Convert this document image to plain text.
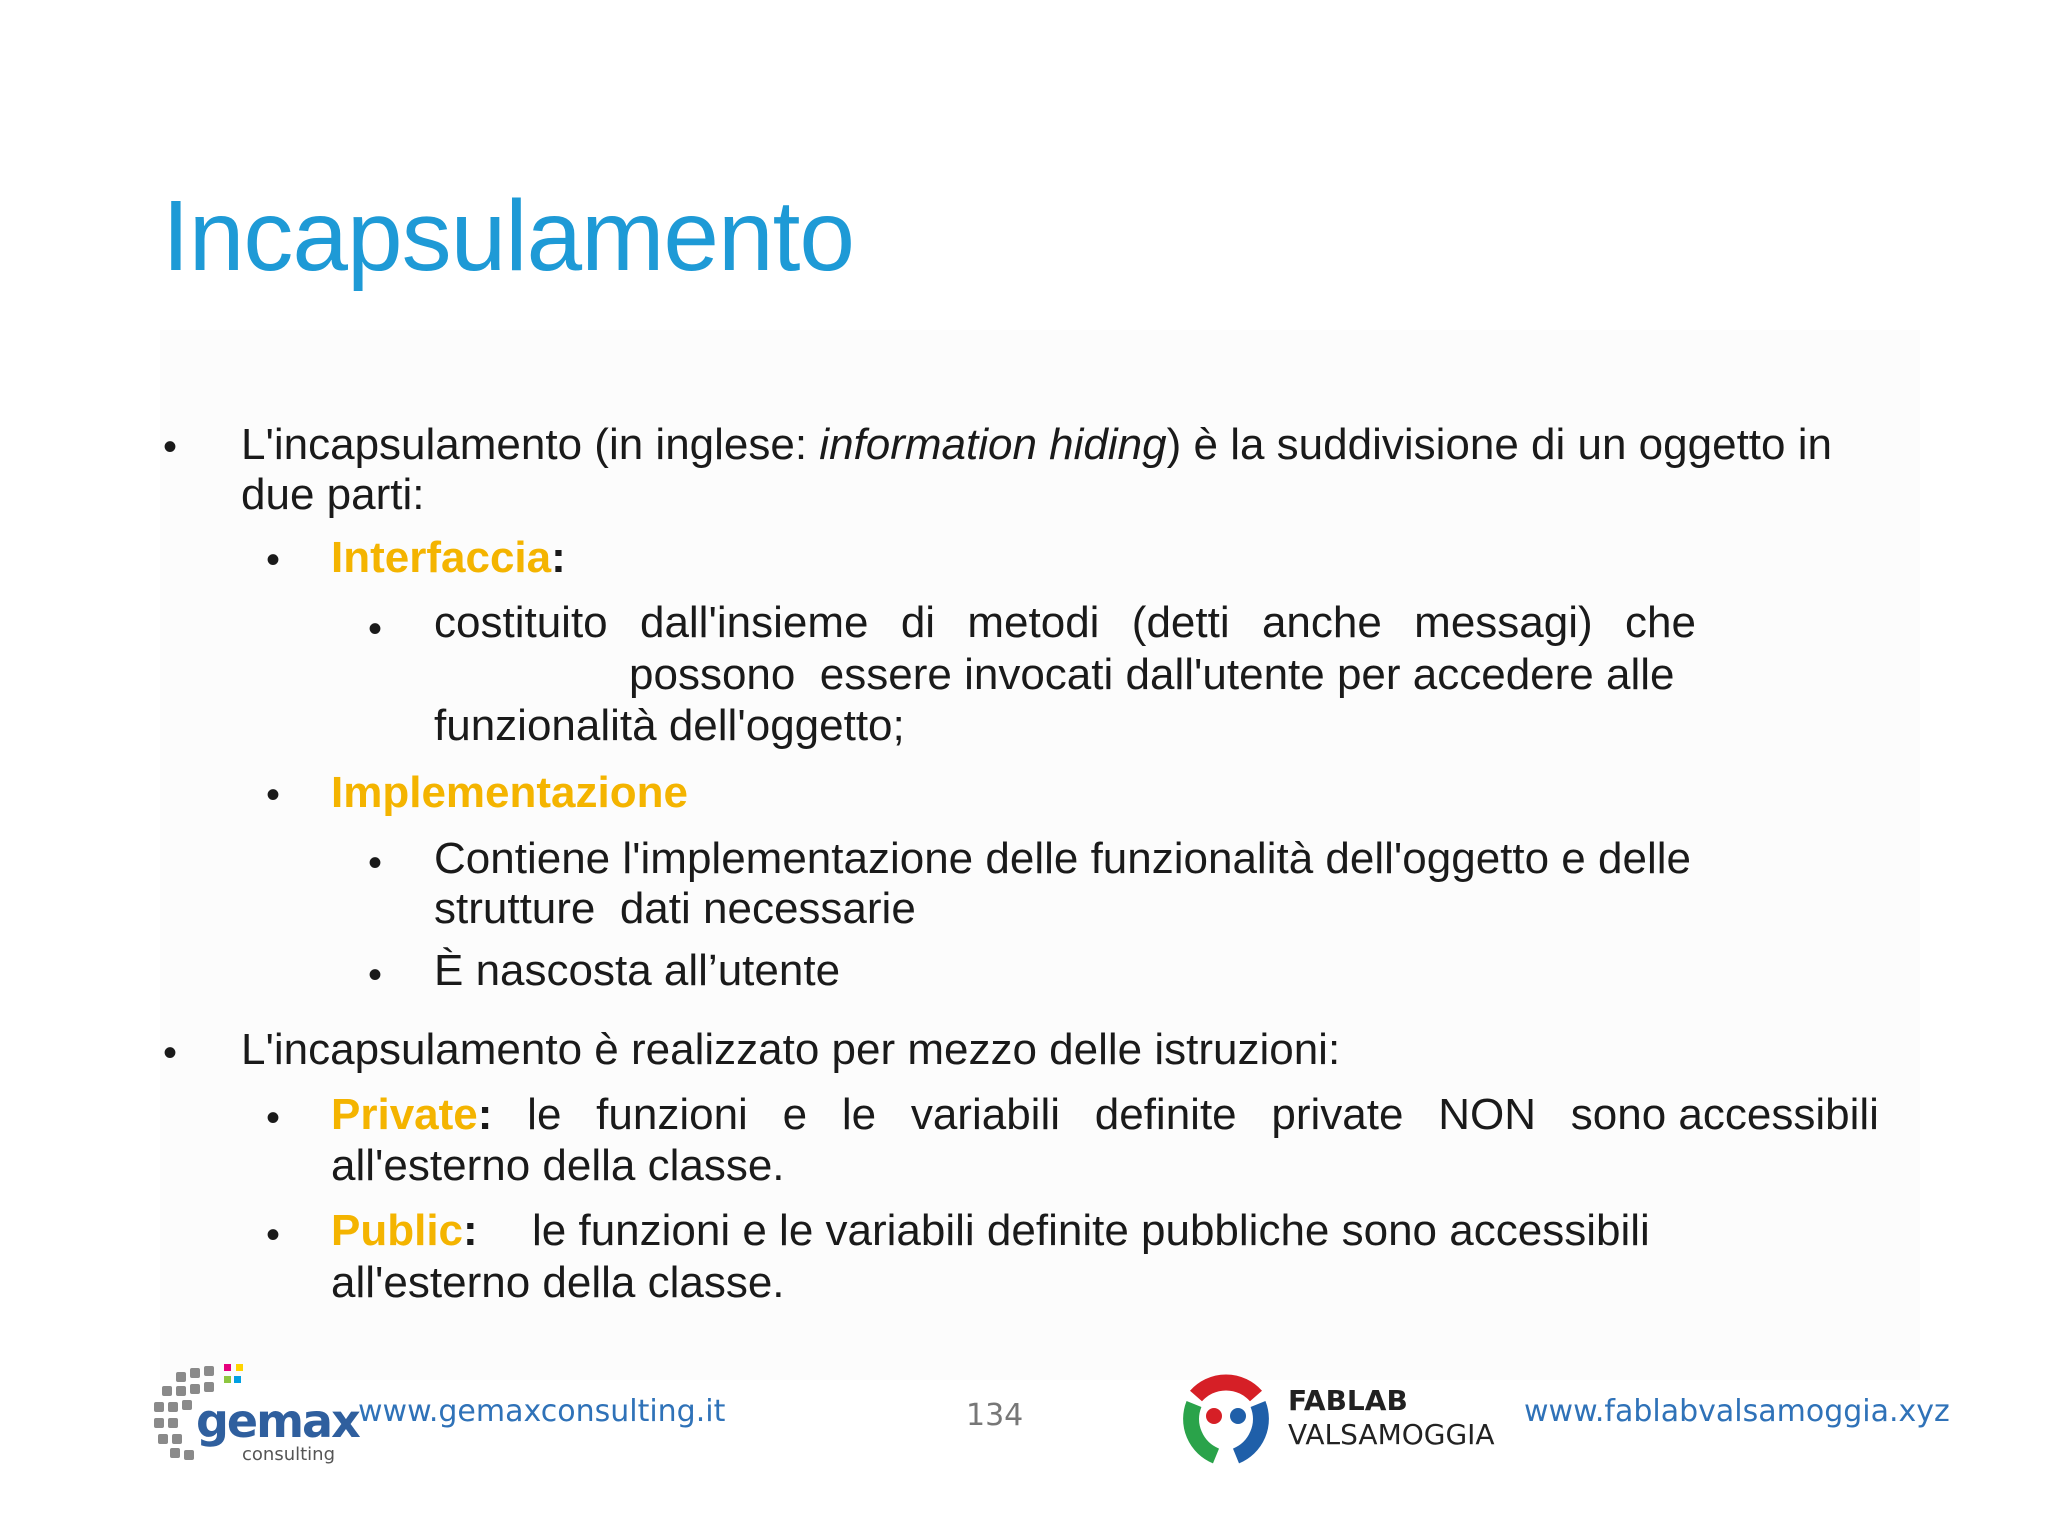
Incapsulamento
• L'incapsulamento (in inglese: information hiding) è la suddivisione di un oggetto in
due parti:
• Interfaccia:
• costituito dall'insieme di metodi (detti anche messagi) che
possono  essere invocati dall'utente per accedere alle
funzionalità dell'oggetto;
• Implementazione
• Contiene l'implementazione delle funzionalità dell'oggetto e delle
strutture  dati necessarie
• È nascosta all’utente
• L'incapsulamento è realizzato per mezzo delle istruzioni:
• Private: le funzioni e le variabili definite private NON sono accessibili
all'esterno della classe.
• Public: le funzioni e le variabili definite pubbliche sono accessibili
all'esterno della classe.
gemax
consulting
www.gemaxconsulting.it	134	FABLAB
VALSAMOGGIA
www.fablabvalsamoggia.xyz
